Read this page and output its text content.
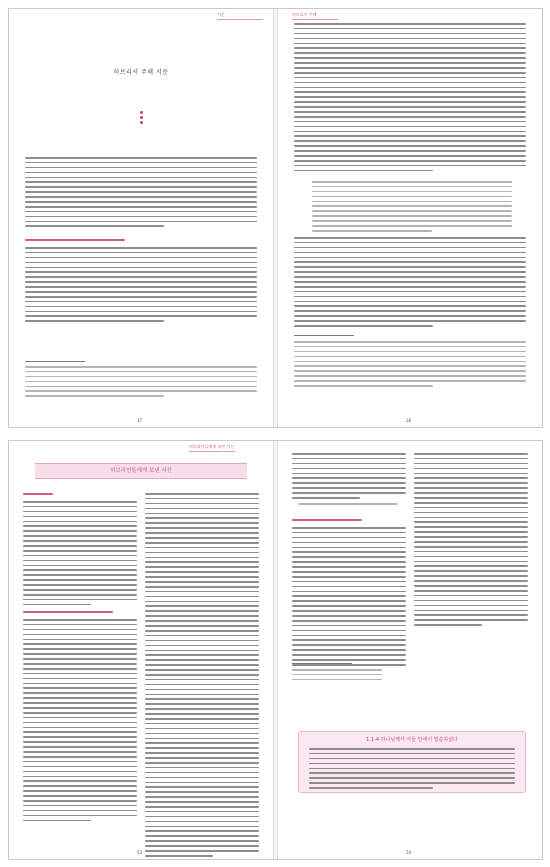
서문
히브리서 주해 서문
37
히브리서 주해
38
히브리인들에게 보낸 서신
히브리인들에게 보낸 서신
53
1.1-4 하나님께서 아들 안에서 말씀하셨다
54
